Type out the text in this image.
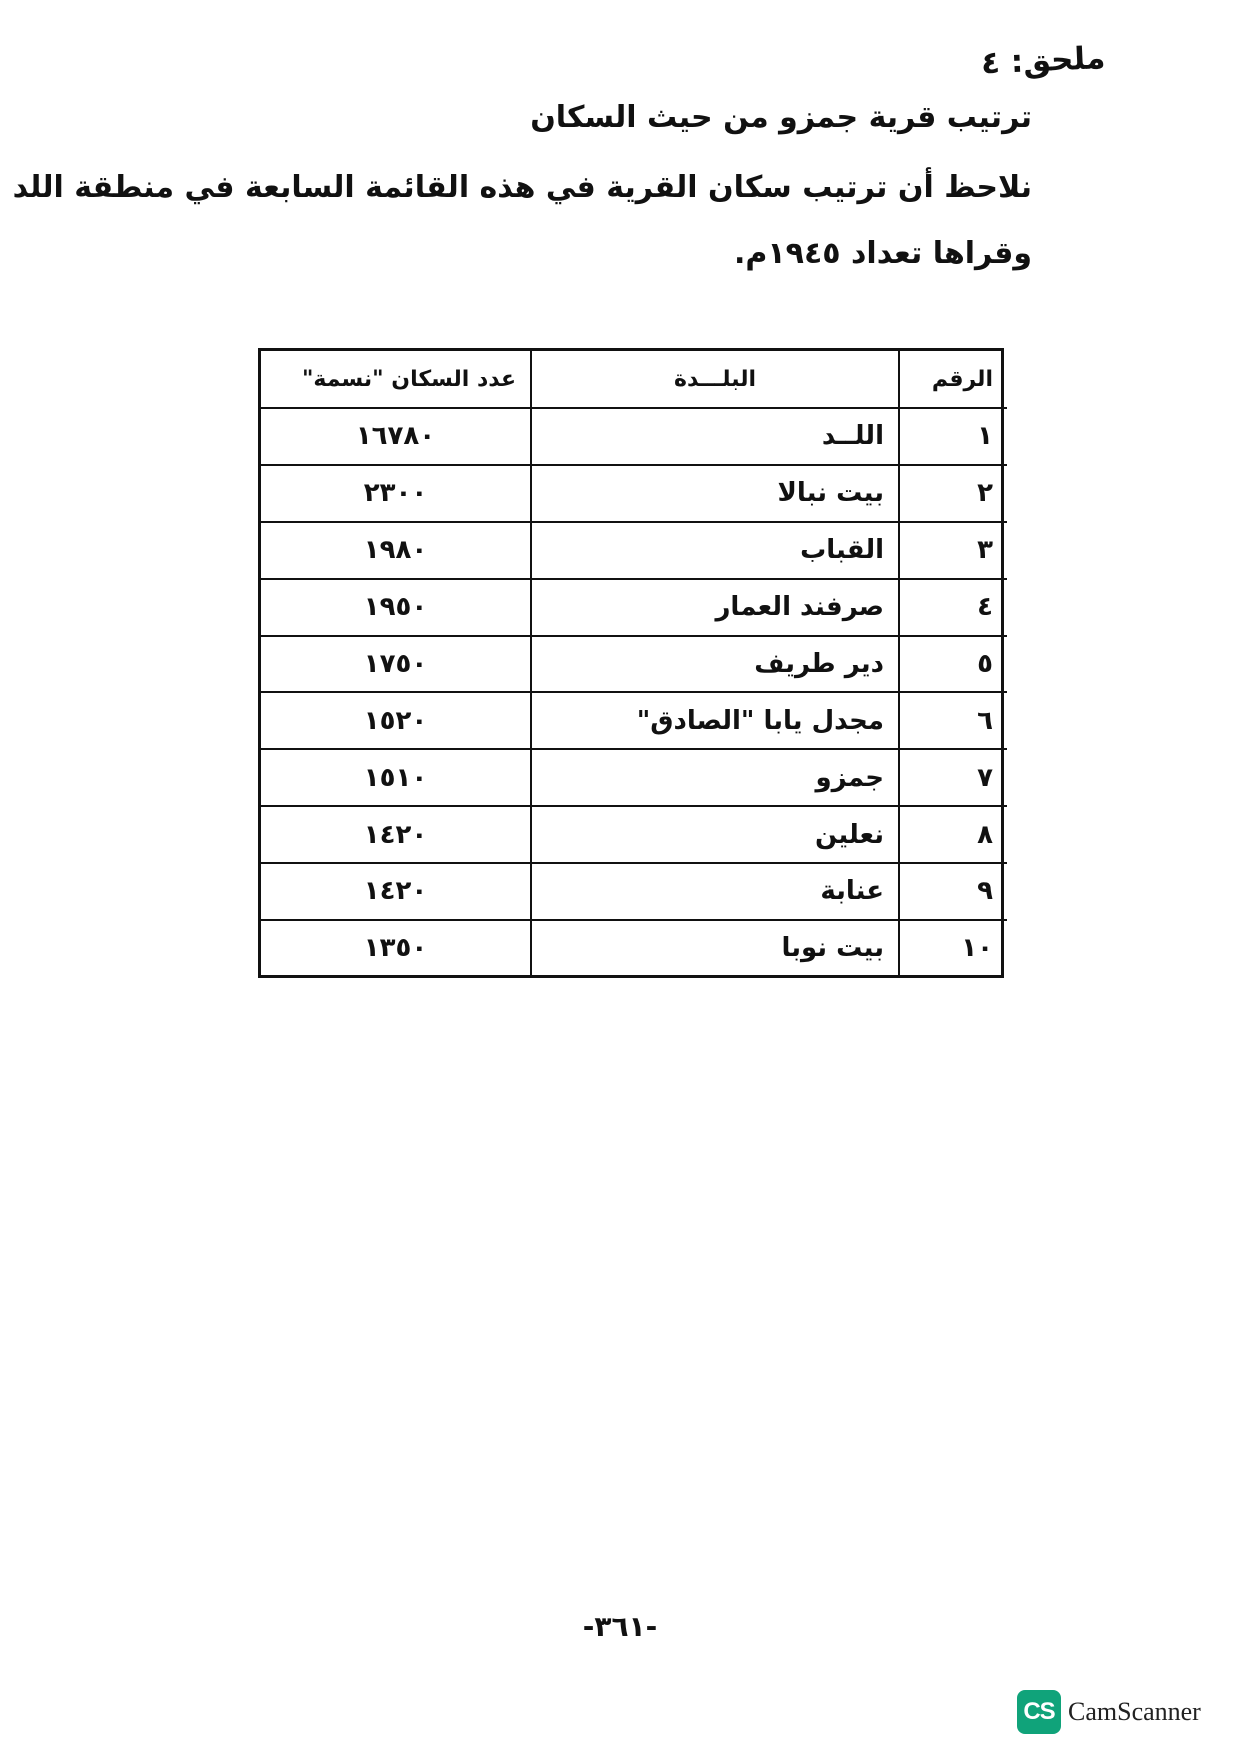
ملحق: ٤
ترتيب قرية جمزو من حيث السكان
نلاحظ أن ترتيب سكان القرية في هذه القائمة السابعة في منطقة اللد
وقراها تعداد ١٩٤٥م.
الرقم	البلـــدة	عدد السكان "نسمة"
١	اللــد	١٦٧٨٠
٢	بيت نبالا	٢٣٠٠
٣	القباب	١٩٨٠
٤	صرفند العمار	١٩٥٠
٥	دير طريف	١٧٥٠
٦	مجدل يابا "الصادق"	١٥٢٠
٧	جمزو	١٥١٠
٨	نعلين	١٤٢٠
٩	عنابة	١٤٢٠
١٠	بيت نوبا	١٣٥٠
-٣٦١-
CS CamScanner
